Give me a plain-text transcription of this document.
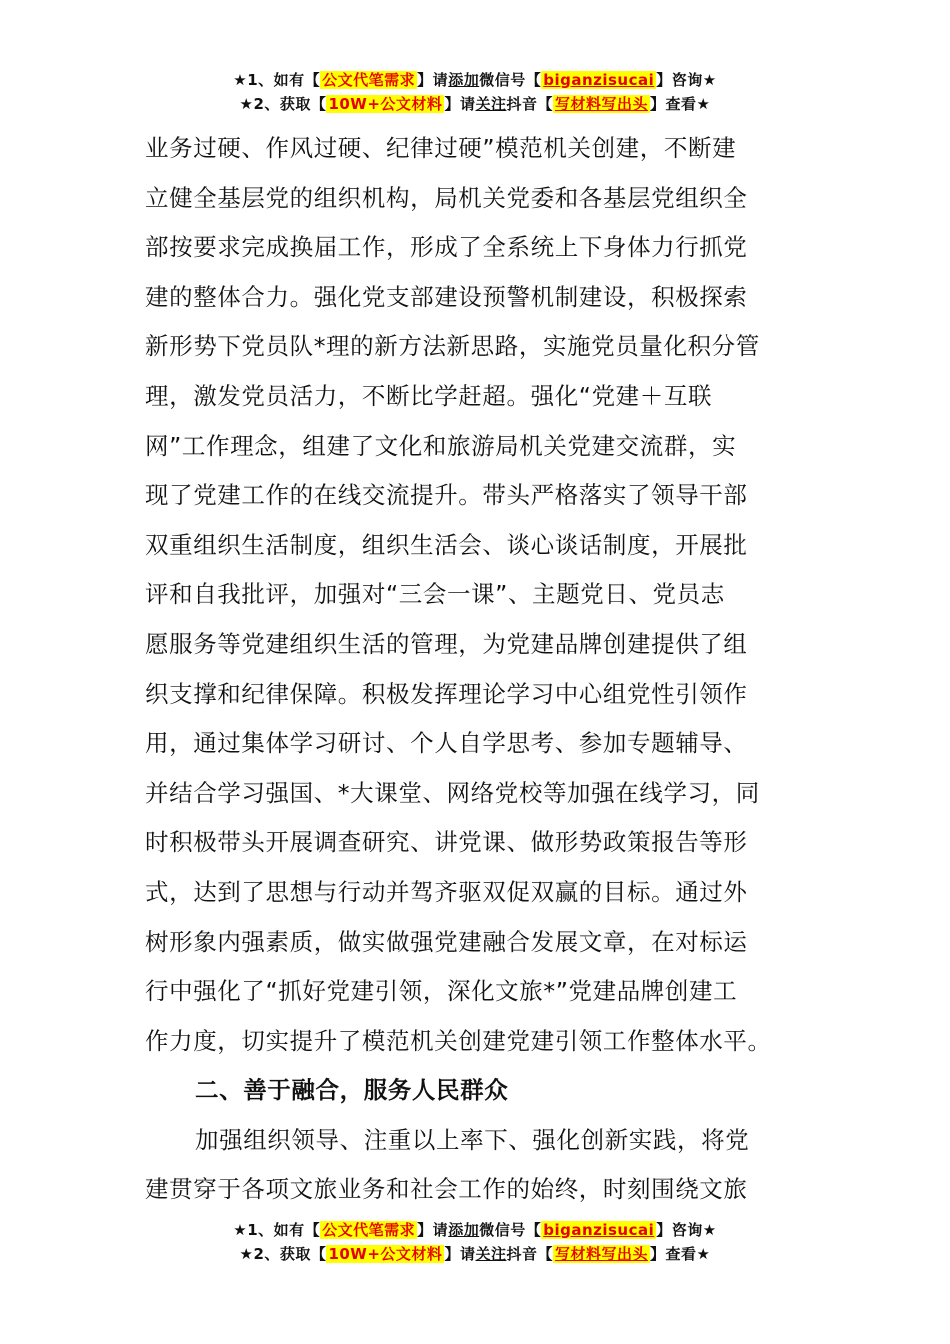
★1、如有【 公文代笔需求 】请添加微信号【 biganzisucai 】咨询★
★2、获取【 10W+公文材料 】请关注抖音【 写材料写出头 】查看★
业务过硬、作风过硬、纪律过硬”模范机关创建，不断建
立健全基层党的组织机构，局机关党委和各基层党组织全
部按要求完成换届工作，形成了全系统上下身体力行抓党
建的整体合力。强化党支部建设预警机制建设，积极探索
新形势下党员队*理的新方法新思路，实施党员量化积分管
理，激发党员活力，不断比学赶超。强化“党建＋互联
网”工作理念，组建了文化和旅游局机关党建交流群，实
现了党建工作的在线交流提升。带头严格落实了领导干部
双重组织生活制度，组织生活会、谈心谈话制度，开展批
评和自我批评，加强对“三会一课”、主题党日、党员志
愿服务等党建组织生活的管理，为党建品牌创建提供了组
织支撑和纪律保障。积极发挥理论学习中心组党性引领作
用，通过集体学习研讨、个人自学思考、参加专题辅导、
并结合学习强国、*大课堂、网络党校等加强在线学习，同
时积极带头开展调查研究、讲党课、做形势政策报告等形
式，达到了思想与行动并驾齐驱双促双赢的目标。通过外
树形象内强素质，做实做强党建融合发展文章，在对标运
行中强化了“抓好党建引领，深化文旅*”党建品牌创建工
作力度，切实提升了模范机关创建党建引领工作整体水平。
二、善于融合，服务人民群众
加强组织领导、注重以上率下、强化创新实践，将党
建贯穿于各项文旅业务和社会工作的始终，时刻围绕文旅
★1、如有【 公文代笔需求 】请添加微信号【 biganzisucai 】咨询★
★2、获取【 10W+公文材料 】请关注抖音【 写材料写出头 】查看★
